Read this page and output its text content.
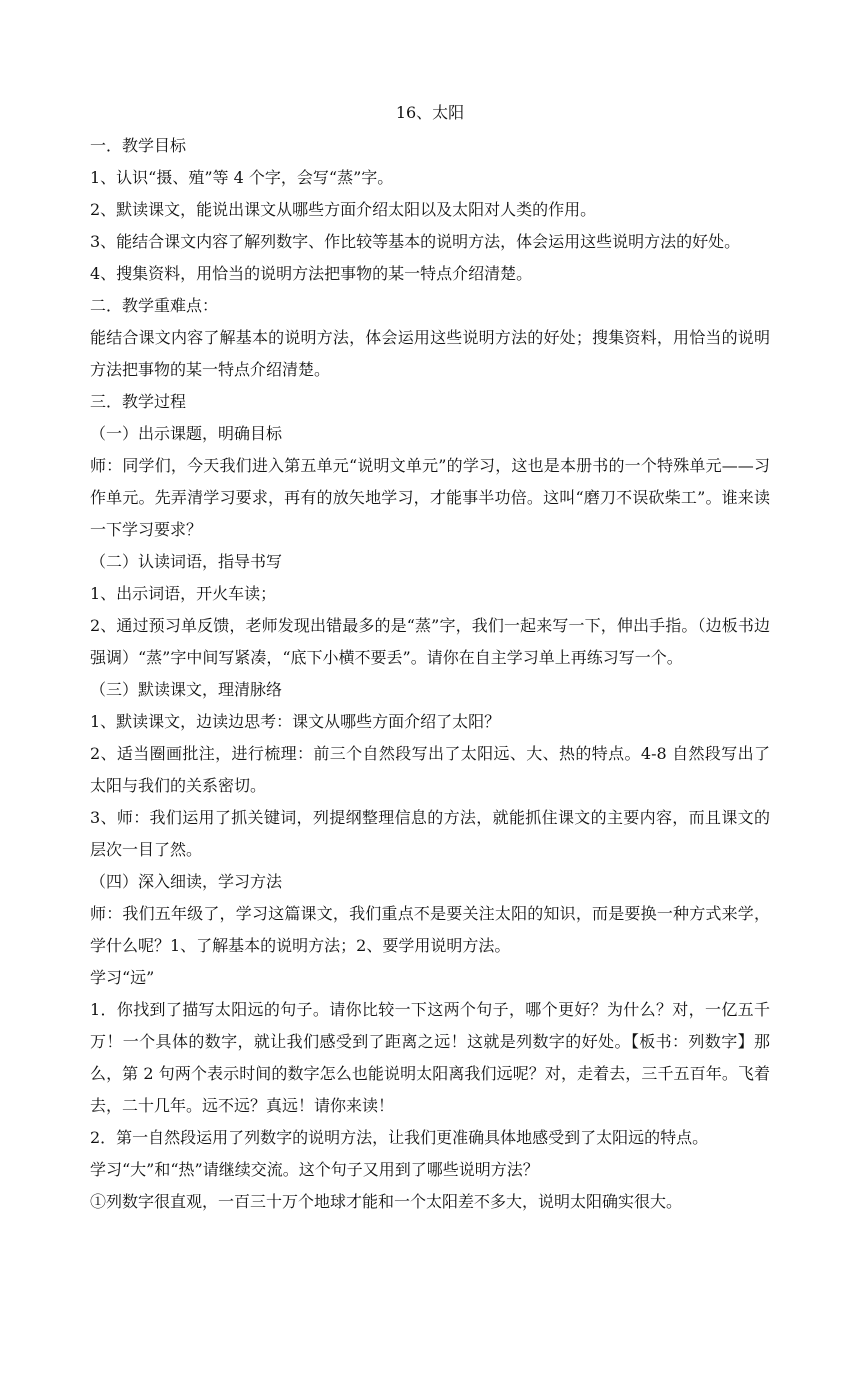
16、太阳

一．教学目标

1、认识“摄、殖”等 4 个字，会写“蒸”字。

2、默读课文，能说出课文从哪些方面介绍太阳以及太阳对人类的作用。

3、能结合课文内容了解列数字、作比较等基本的说明方法，体会运用这些说明方法的好处。

4、搜集资料，用恰当的说明方法把事物的某一特点介绍清楚。

二．教学重难点：

能结合课文内容了解基本的说明方法，体会运用这些说明方法的好处；搜集资料，用恰当的说明方法把事物的某一特点介绍清楚。

三．教学过程

（一）出示课题，明确目标

师：同学们，今天我们进入第五单元“说明文单元”的学习，这也是本册书的一个特殊单元——习作单元。先弄清学习要求，再有的放矢地学习，才能事半功倍。这叫“磨刀不误砍柴工”。谁来读一下学习要求？

（二）认读词语，指导书写

1、出示词语，开火车读；

2、通过预习单反馈，老师发现出错最多的是“蒸”字，我们一起来写一下，伸出手指。（边板书边强调）“蒸”字中间写紧凑，“底下小横不要丢”。请你在自主学习单上再练习写一个。

（三）默读课文，理清脉络

1、默读课文，边读边思考：课文从哪些方面介绍了太阳？

2、适当圈画批注，进行梳理：前三个自然段写出了太阳远、大、热的特点。4-8 自然段写出了太阳与我们的关系密切。

3、师：我们运用了抓关键词，列提纲整理信息的方法，就能抓住课文的主要内容，而且课文的层次一目了然。

（四）深入细读，学习方法

师：我们五年级了，学习这篇课文，我们重点不是要关注太阳的知识，而是要换一种方式来学，学什么呢？1、了解基本的说明方法；2、要学用说明方法。

学习“远”

1．你找到了描写太阳远的句子。请你比较一下这两个句子，哪个更好？为什么？对，一亿五千万！一个具体的数字，就让我们感受到了距离之远！这就是列数字的好处。【板书：列数字】那么，第 2 句两个表示时间的数字怎么也能说明太阳离我们远呢？对，走着去，三千五百年。飞着去，二十几年。远不远？真远！请你来读！

2．第一自然段运用了列数字的说明方法，让我们更准确具体地感受到了太阳远的特点。

学习“大”和“热”请继续交流。这个句子又用到了哪些说明方法？

①列数字很直观，一百三十万个地球才能和一个太阳差不多大，说明太阳确实很大。
